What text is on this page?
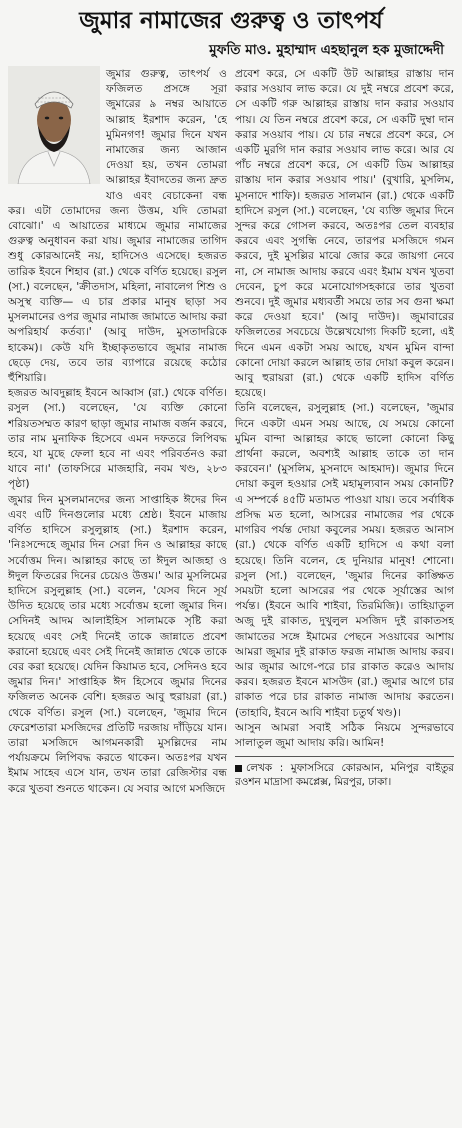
জুমার নামাজের গুরুত্ব ও তাৎপর্য
মুফতি মাও. মুহাম্মাদ এহছানুল হক মুজাদ্দেদী

জুমার গুরুত্ব, তাৎপর্য ও ফজিলত প্রসঙ্গে সূরা জুমারের ৯ নম্বর আয়াতে আল্লাহ ইরশাদ করেন, 'হে মুমিনগণ! জুমার দিনে যখন নামাজের জন্য আজান দেওয়া হয়, তখন তোমরা আল্লাহর ইবাদতের জন্য দ্রুত যাও এবং বেচাকেনা বন্ধ কর। এটা তোমাদের জন্য উত্তম, যদি তোমরা বোঝো।' এ আয়াতের মাধ্যমে জুমার নামাজের গুরুত্ব অনুধাবন করা যায়। জুমার নামাজের তাগিদ শুধু কোরআনেই নয়, হাদিসেও এসেছে। হজরত তারিক ইবনে শিহাব (রা.) থেকে বর্ণিত হয়েছে। রসুল (সা.) বলেছেন, 'ক্রীতদাস, মহিলা, নাবালেগ শিশু ও অসুস্থ ব্যক্তি— এ চার প্রকার মানুষ ছাড়া সব মুসলমানের ওপর জুমার নামাজ জামাতে আদায় করা অপরিহার্য কর্তব্য।' (আবু দাউদ, মুসতাদরিকে হাকেম)। কেউ যদি ইচ্ছাকৃতভাবে জুমার নামাজ ছেড়ে দেয়, তবে তার ব্যাপারে রয়েছে কঠোর হুঁশিয়ারি।

হজরত আবদুল্লাহ ইবনে আব্বাস (রা.) থেকে বর্ণিত। রসুল (সা.) বলেছেন, 'যে ব্যক্তি কোনো শরিয়তসম্মত কারণ ছাড়া জুমার নামাজ বর্জন করবে, তার নাম মুনাফিক হিসেবে এমন দফতরে লিপিবদ্ধ হবে, যা মুছে ফেলা হবে না এবং পরিবর্তনও করা যাবে না।' (তাফসিরে মাজহারি, নবম খণ্ড, ২৮৩ পৃষ্ঠা)

জুমার দিন মুসলমানদের জন্য সাপ্তাহিক ঈদের দিন এবং এটি দিনগুলোর মধ্যে শ্রেষ্ঠ। ইবনে মাজায় বর্ণিত হাদিসে রসুলুল্লাহ (সা.) ইরশাদ করেন, 'নিঃসন্দেহে জুমার দিন সেরা দিন ও আল্লাহর কাছে সর্বোত্তম দিন। আল্লাহর কাছে তা ঈদুল আজহা ও ঈদুল ফিতরের দিনের চেয়েও উত্তম।' আর মুসলিমের হাদিসে রসুলুল্লাহ (সা.) বলেন, 'যেসব দিনে সূর্য উদিত হয়েছে তার মধ্যে সর্বোত্তম হলো জুমার দিন। সেদিনই আদম আলাইহিস সালামকে সৃষ্টি করা হয়েছে এবং সেই দিনেই তাকে জান্নাতে প্রবেশ করানো হয়েছে এবং সেই দিনেই জান্নাত থেকে তাকে বের করা হয়েছে। যেদিন কিয়ামত হবে, সেদিনও হবে জুমার দিন।' সাপ্তাহিক ঈদ হিসেবে জুমার দিনের ফজিলত অনেক বেশি। হজরত আবু হুরায়রা (রা.) থেকে বর্ণিত। রসুল (সা.) বলেছেন, 'জুমার দিনে ফেরেশতারা মসজিদের প্রতিটি দরজায় দাঁড়িয়ে যান। তারা মসজিদে আগমনকারী মুসল্লিদের নাম পর্যায়ক্রমে লিপিবদ্ধ করতে থাকেন। অতঃপর যখন ইমাম সাহেব এসে যান, তখন তারা রেজিস্টার বন্ধ করে খুতবা শুনতে থাকেন। যে সবার আগে মসজিদে

প্রবেশ করে, সে একটি উট আল্লাহর রাস্তায় দান করার সওয়াব লাভ করে। যে দুই নম্বরে প্রবেশ করে, সে একটি গরু আল্লাহর রাস্তায় দান করার সওয়াব পায়। যে তিন নম্বরে প্রবেশ করে, সে একটি দুম্বা দান করার সওয়াব পায়। যে চার নম্বরে প্রবেশ করে, সে একটি মুরগি দান করার সওয়াব লাভ করে। আর যে পাঁচ নম্বরে প্রবেশ করে, সে একটি ডিম আল্লাহর রাস্তায় দান করার সওয়াব পায়।' (বুখারি, মুসলিম, মুসনাদে শাফি)। হজরত সালমান (রা.) থেকে একটি হাদিসে রসুল (সা.) বলেছেন, 'যে ব্যক্তি জুমার দিনে সুন্দর করে গোসল করবে, অতঃপর তেল ব্যবহার করবে এবং সুগন্ধি নেবে, তারপর মসজিদে গমন করবে, দুই মুসল্লির মাঝে জোর করে জায়গা নেবে না, সে নামাজ আদায় করবে এবং ইমাম যখন খুতবা দেবেন, চুপ করে মনোযোগসহকারে তার খুতবা শুনবে। দুই জুমার মধ্যবর্তী সময়ে তার সব গুনা ক্ষমা করে দেওয়া হবে।' (আবু দাউদ)। জুমাবারের ফজিলতের সবচেয়ে উল্লেখযোগ্য দিকটি হলো, এই দিনে এমন একটা সময় আছে, যখন মুমিন বান্দা কোনো দোয়া করলে আল্লাহ তার দোয়া কবুল করেন। আবু হুরায়রা (রা.) থেকে একটি হাদিস বর্ণিত হয়েছে।

তিনি বলেছেন, রসুলুল্লাহ (সা.) বলেছেন, 'জুমার দিনে একটা এমন সময় আছে, যে সময়ে কোনো মুমিন বান্দা আল্লাহর কাছে ভালো কোনো কিছু প্রার্থনা করলে, অবশ্যই আল্লাহ তাকে তা দান করবেন।' (মুসলিম, মুসনাদে আহমাদ)। জুমার দিনে দোয়া কবুল হওয়ার সেই মহামূল্যবান সময় কোনটি? এ সম্পর্কে ৪৫টি মতামত পাওয়া যায়। তবে সর্বাধিক প্রসিদ্ধ মত হলো, আসরের নামাজের পর থেকে মাগরিব পর্যন্ত দোয়া কবুলের সময়। হজরত আনাস (রা.) থেকে বর্ণিত একটি হাদিসে এ কথা বলা হয়েছে। তিনি বলেন, হে দুনিয়ার মানুষ! শোনো। রসুল (সা.) বলেছেন, 'জুমার দিনের কাঙ্ক্ষিত সময়টা হলো আসরের পর থেকে সূর্যাস্তের আগ পর্যন্ত। (ইবনে আবি শাইবা, তিরমিজি)। তাহিয়াতুল অজু দুই রাকাত, দুখুলুল মসজিদ দুই রাকাতসহ জামাতের সঙ্গে ইমামের পেছনে সওয়াবের আশায় আমরা জুমার দুই রাকাত ফরজ নামাজ আদায় করব। আর জুমার আগে-পরে চার রাকাত করেও আদায় করব। হজরত ইবনে মাসউদ (রা.) জুমার আগে চার রাকাত পরে চার রাকাত নামাজ আদায় করতেন। (তাহাবি, ইবনে আবি শাইবা চতুর্থ খণ্ড)।

আসুন আমরা সবাই সঠিক নিয়মে সুন্দরভাবে সালাতুল জুমা আদায় করি। আমিন!

লেখক : মুফাসসিরে কোরআন, মনিপুর বাইতুর রওশন মাদ্রাসা কমপ্লেক্স, মিরপুর, ঢাকা।
